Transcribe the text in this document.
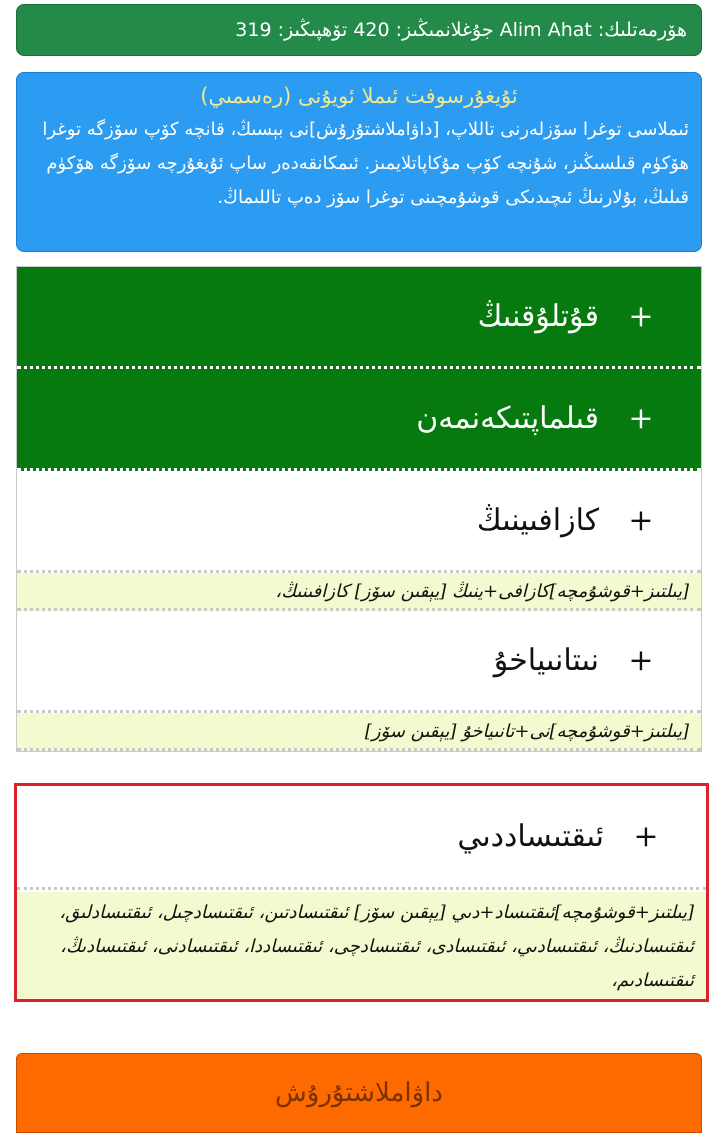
هۆرمەتلىك: Alim Ahat جۇغلانمىڭىز: 420 تۆھپىڭىز: 319
ئۇيغۇرسوفت ئىملا ئويۇنى (رەسمىي)
ئىملاسى توغرا سۆزلەرنى تاللاپ، [داۋاملاشتۇرۇش]نى بېسىڭ، قانچە كۆپ سۆزگە توغرا ھۆكۈم قىلسىڭىز، شۇنچە كۆپ مۇكاپاتلايمىز. ئىمكانقەدەر ساپ ئۇيغۇرچە سۆزگە ھۆكۈم قىلىڭ، بۇلارنىڭ ئىچىدىكى قوشۇمچىنى توغرا سۆز دەپ تاللىماڭ.
+
قۇتلۇقنىڭ
+
قىلماپتىكەنمەن
+
كازافىينىڭ
[يىلتىز+قوشۇمچە]كازافى+ينىڭ [يېقىن سۆز] كازافىنىڭ،
+
نىتانىياخۇ
[يىلتىز+قوشۇمچە]نى+تانىياخۇ [يېقىن سۆز]
+
ئىقتىساددىي
[يىلتىز+قوشۇمچە]ئىقتىساد+دىي [يېقىن سۆز] ئىقتىسادتىن، ئىقتىسادچىل، ئىقتىسادلىق، ئىقتىسادنىڭ، ئىقتىسادىي، ئىقتىسادى، ئىقتىسادچى، ئىقتىساددا، ئىقتىسادنى، ئىقتىسادىڭ، ئىقتىسادىم،
داۋاملاشتۇرۇش
